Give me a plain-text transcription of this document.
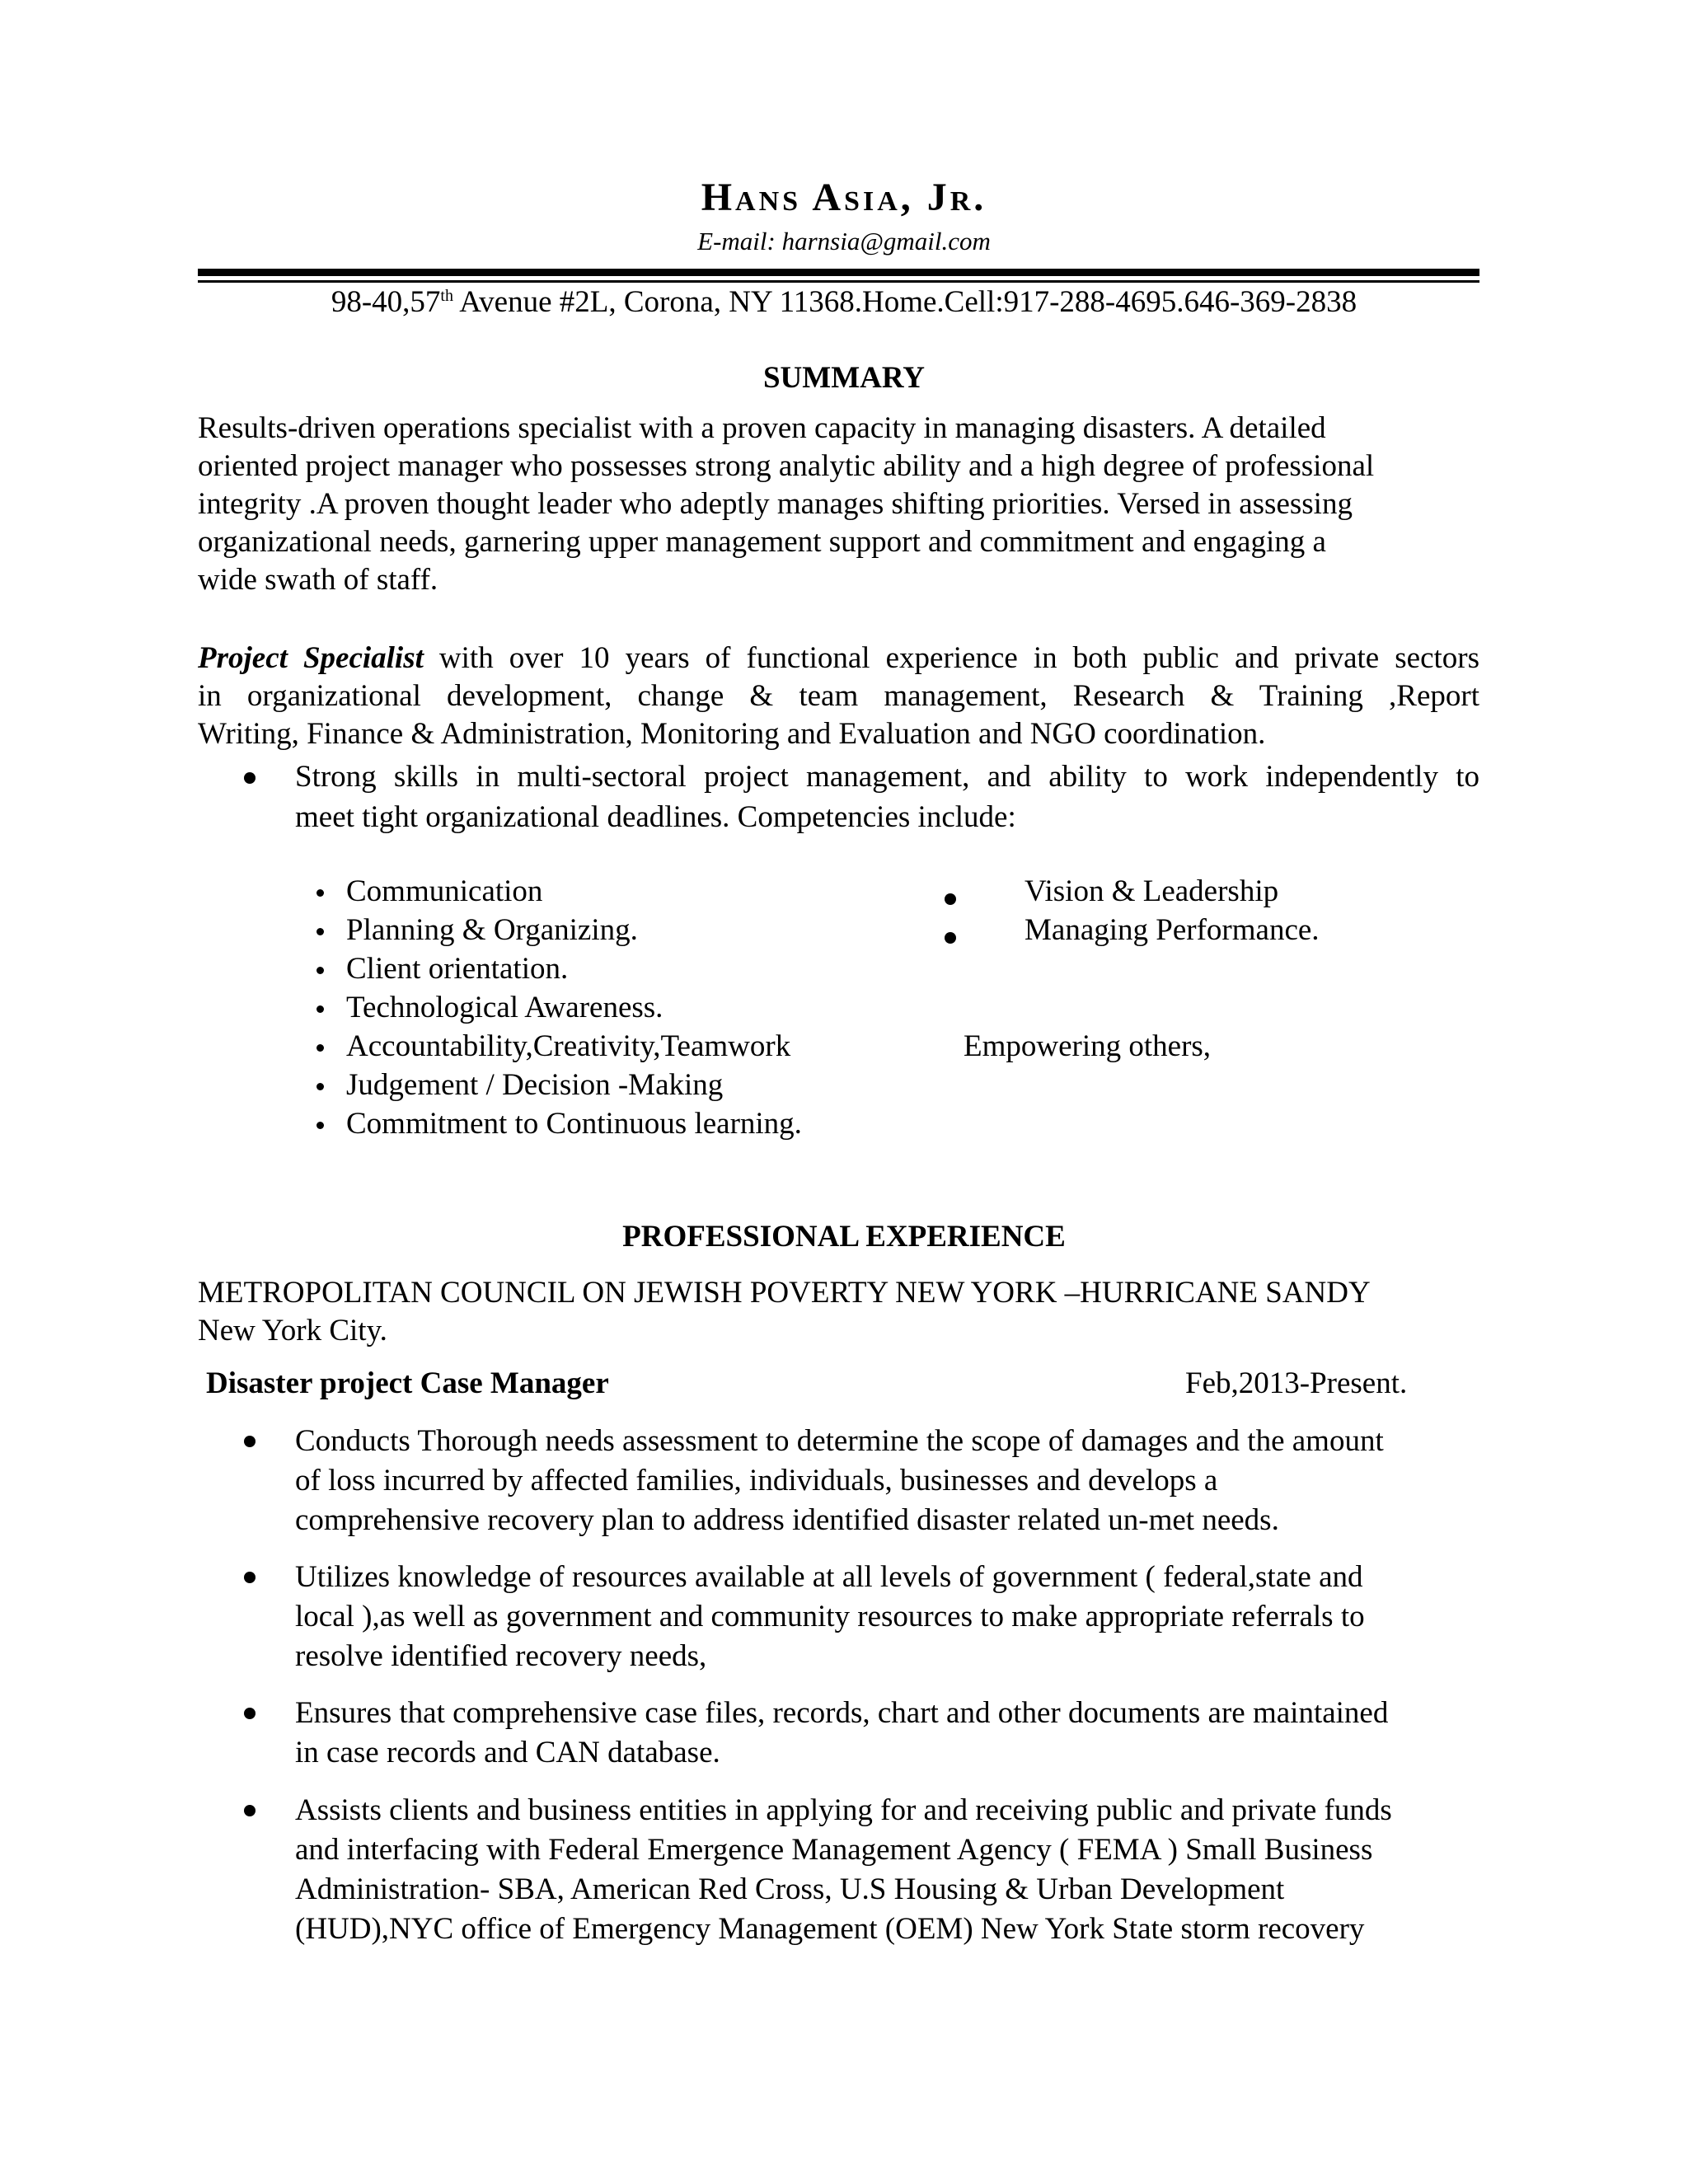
Hans Asia, Jr.
E-mail: harnsia@gmail.com
98-40,57th Avenue #2L, Corona, NY 11368.Home.Cell:917-288-4695.646-369-2838
SUMMARY
Results-driven operations specialist with a proven capacity in managing disasters. A detailed
oriented project manager who possesses strong analytic ability and a high degree of professional
integrity .A proven thought leader who adeptly manages shifting priorities. Versed in assessing
organizational needs, garnering upper management support and commitment and engaging a
wide swath of staff.
Project Specialist with over 10 years of functional experience in both public and private sectors
in organizational development, change & team management, Research & Training ,Report
Writing, Finance & Administration, Monitoring and Evaluation and NGO coordination.
Strong skills in multi-sectoral project management, and ability to work independently to
meet tight organizational deadlines. Competencies include:
Communication
Planning & Organizing.
Client orientation.
Technological Awareness.
Accountability,Creativity,Teamwork
Judgement / Decision -Making
Commitment to Continuous learning.
Vision & Leadership
Managing Performance.
Empowering others,
PROFESSIONAL EXPERIENCE
METROPOLITAN COUNCIL ON JEWISH POVERTY NEW YORK –HURRICANE SANDY
New York City.
Disaster project Case Manager	Feb,2013-Present.
Conducts Thorough needs assessment to determine the scope of damages and the amount
of loss incurred by affected families, individuals, businesses and develops a
comprehensive recovery plan to address identified disaster related un-met needs.
Utilizes knowledge of resources available at all levels of government ( federal,state and
local ),as well as government and community resources to make appropriate referrals to
resolve identified recovery needs,
Ensures that comprehensive case files, records, chart and other documents are maintained
in case records and CAN database.
Assists clients and business entities in applying for and receiving public and private funds
and interfacing with Federal Emergence Management Agency ( FEMA ) Small Business
Administration- SBA, American Red Cross, U.S Housing & Urban Development
(HUD),NYC office of Emergency Management (OEM) New York State storm recovery
